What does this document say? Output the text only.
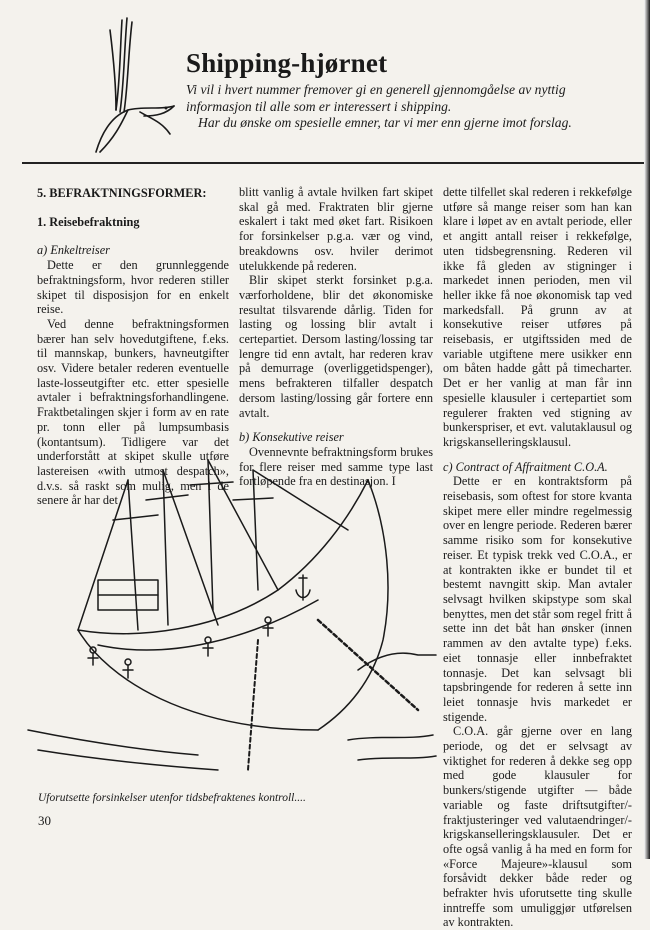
Shipping-hjørnet

Vi vil i hvert nummer fremover gi en generell gjennomgåelse av nyttig informasjon til alle som er interessert i shipping.

Har du ønske om spesielle emner, tar vi mer enn gjerne imot forslag.

5. BEFRAKTNINGSFORMER:
1. Reisebefraktning
a) Enkeltreiser

Dette er den grunnleggende befraktningsform, hvor rederen stiller skipet til disposisjon for en enkelt reise.

Ved denne befraktningsformen bærer han selv hovedutgiftene, f.eks. til mannskap, bunkers, havneutgifter osv. Videre betaler rederen eventuelle laste-losseutgifter etc. etter spesielle avtaler i befraktningsforhandlingene. Fraktbetalingen skjer i form av en rate pr. tonn eller på lumpsumbasis (kontantsum). Tidligere var det underforstått at skipet skulle utføre lastereisen «with utmost despatch», d.v.s. så raskt som mulig, men i de senere år har det

blitt vanlig å avtale hvilken fart skipet skal gå med. Fraktraten blir gjerne eskalert i takt med øket fart. Risikoen for forsinkelser p.g.a. vær og vind, breakdowns osv. hviler derimot utelukkende på rederen.

Blir skipet sterkt forsinket p.g.a. værforholdene, blir det økonomiske resultat tilsvarende dårlig. Tiden for lasting og lossing blir avtalt i certepartiet. Dersom lasting/lossing tar lengre tid enn avtalt, har rederen krav på demurrage (overliggetidspenger), mens befrakteren tilfaller despatch dersom lasting/lossing går fortere enn avtalt.

b) Konsekutive reiser

Ovennevnte befraktningsform brukes for flere reiser med samme type last fortløpende fra en destinasjon. I

dette tilfellet skal rederen i rekkefølge utføre så mange reiser som han kan klare i løpet av en avtalt periode, eller et angitt antall reiser i rekkefølge, uten tidsbegrensning. Rederen vil ikke få gleden av stigninger i markedet innen perioden, men vil heller ikke få noe økonomisk tap ved markedsfall. På grunn av at konsekutive reiser utføres på reisebasis, er utgiftssiden med de variable utgiftene mere usikker enn om båten hadde gått på timecharter. Det er her vanlig at man får inn spesielle klausuler i certepartiet som regulerer frakten ved stigning av bunkerspriser, et evt. valutaklausul og krigskanselleringsklausul.

c) Contract of Affraitment C.O.A.

Dette er en kontraktsform på reisebasis, som oftest for store kvanta skipet mere eller mindre regelmessig over en lengre periode. Rederen bærer samme risiko som for konsekutive reiser. Et typisk trekk ved C.O.A., er at kontrakten ikke er bundet til et bestemt navngitt skip. Man avtaler selvsagt hvilken skipstype som skal benyttes, men det står som regel fritt å sette inn det båt han ønsker (innen rammen av den avtalte type) f.eks. eiet tonnasje eller innbefraktet tonnasje. Det kan selvsagt bli tapsbringende for rederen å sette inn leiet tonnasje hvis markedet er stigende.

C.O.A. går gjerne over en lang periode, og det er selvsagt av viktighet for rederen å dekke seg opp med gode klausuler for bunkers/stigende utgifter — både variable og faste driftsutgifter/-fraktjusteringer ved valutaendringer/-krigskanselleringsklausuler. Det er ofte også vanlig å ha med en form for «Force Majeure»-klausul som forsåvidt dekker både reder og befrakter hvis uforutsette ting skulle inntreffe som umuliggjør utførelsen av kontrakten.

Uforutsette forsinkelser utenfor tidsbefraktenes kontroll....
30
